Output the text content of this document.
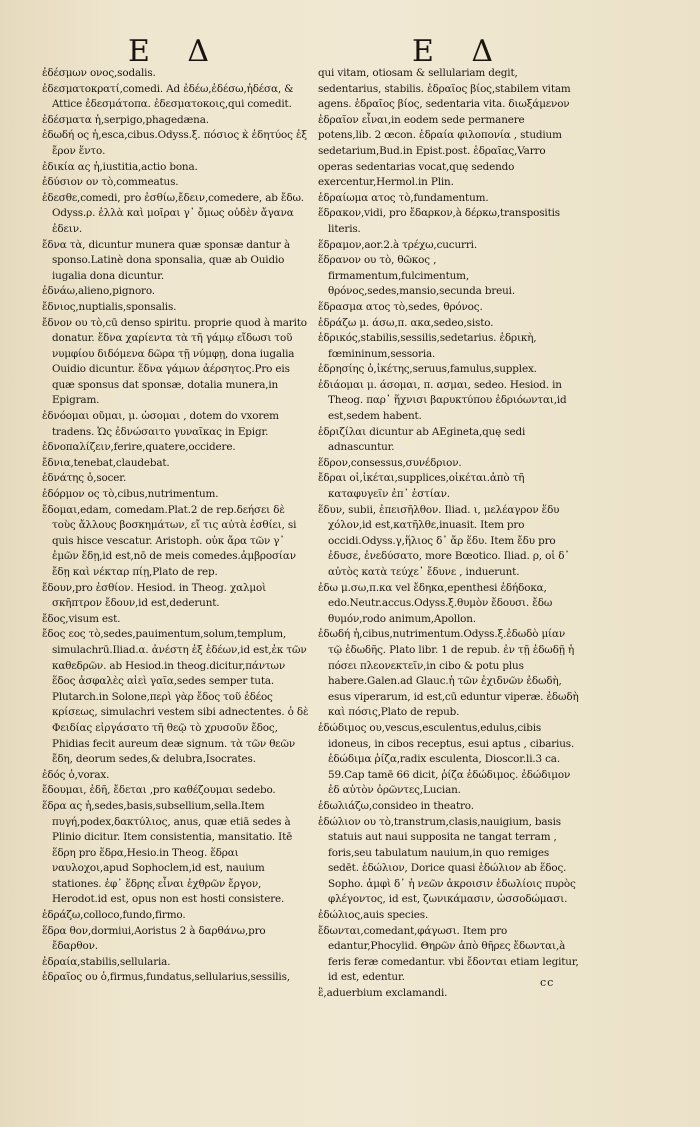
Ε Δ	Ε Δ

ἐδέσμων ονος,sodalis.

ἐδεσματοκρατί,comedi. Ad ἐδέω,ἐδέσω,ἠδέσα, & Attice ἐδεσμάτοπα. ἐδεσματοκοις,qui comedit.

ἐδέσματα ἡ,serpigo,phagedæna.

ἐδωδή ος ἡ,esca,cibus.Odyss.ξ. πόσιος κ̀ ἐδητύος ἐξ ἔρον ἕντο.

ἐδικία ας ἡ,iustitia,actio bona.

ἐδύσιον ον τὸ,commeatus.

ἐδεσθε,comedi, pro ἐσθίω,ἔδειν,comedere, ab ἔδω. Odyss.ρ. ἐλλὰ καὶ μοῖραι γ᾽ ὄμως οὐδὲν ἄγανα ἐδειν.

ἔδνα τὰ, dicuntur munera quæ sponsæ dantur à sponso.Latinè dona sponsalia, quæ ab Ouidio iugalia dona dicuntur.

ἐδνάω,alieno,pignoro.

ἔδνιος,nuptialis,sponsalis.

ἔδνον ου τὸ,cū denso spiritu. proprie quod à marito donatur. ἕδνα χαρίεντα τὰ τῆ γάμῳ εἴδωσι τοῦ νυμφίου διδόμενα δῶρα τῇ νύμφῃ, dona iugalia Ouidio dicuntur. ἕδνα γάμων ἀέρσητος.Pro eis quæ sponsus dat sponsæ, dotalia munera,in Epigram.

ἐδνόομαι οῦμαι, μ. ὡσομαι , dotem do vxorem tradens. Ὡς ἐδνώσαιτο γυναῖκας in Epigr.

ἐδνοπαλίζειν,ferire,quatere,occidere.

ἔδνια,tenebat,claudebat.

ἐδνάτης ὁ,socer.

ἐδόρμον ος τὸ,cibus,nutrimentum.

ἔδομαι,edam, comedam.Plat.2 de rep.δεήσει δὲ τοὺς ἄλλους βοσκημάτων, εἴ τις αὐτὰ ἐσθίει, si quis hisce vescatur. Aristoph. οὐκ ἄρα τῶν γ᾽ ἐμῶν ἔδῃ,id est,nō de meis comedes.ἀμβροσίαν ἔδῃ καὶ νέκταρ πίῃ,Plato de rep.

ἔδουν,pro ἐσθίον. Hesiod. in Theog. χαλμοὶ σκῆπτρον ἔδουν,id est,dederunt.

ἔδος,visum est.

ἔδος εος τὸ,sedes,pauimentum,solum,templum, simulachrū.Iliad.α. ἀνέστη ἐξ ἐδέων,id est,ἐκ τῶν καθεδρῶν. ab Hesiod.in theog.dicitur,πάντων ἕδος ἀσφαλὲς αἰεὶ γαῖα,sedes semper tuta. Plutarch.in Solone,περὶ γὰρ ἔδος τοῦ ἐδέος κρίσεως, simulachri vestem sibi adnectentes. ὁ δὲ Φειδίας εἰργάσατο τῆ θεῷ τὸ χρυσοῦν ἔδος, Phidias fecit aureum deæ signum. τὰ τῶν θεῶν ἔδη, deorum sedes,& delubra,Isocrates.

ἐδός ὁ,vorax.

ἔδουμαι, ἐδῆ, ἔδεται ,pro καθέζουμαι sedebo.

ἕδρα ας ἡ,sedes,basis,subsellium,sella.Item πυγή,podex,δακτύλιος, anus, quæ etiā sedes à Plinio dicitur. Item consistentia, mansitatio. Itē ἕδρη pro ἕδρα,Hesio.in Theog. ἕδραι ναυλοχοι,apud Sophoclem,id est, nauium stationes. ἐφ᾽ ἕδρης εἶναι ἐχθρῶν ἔργον, Herodot.id est, opus non est hosti consistere.

ἑδράζω,colloco,fundo,firmo.

ἕδρα θον,dormiui,Aoristus 2 à δαρθάνω,pro ἔδαρθον.

ἑδραία,stabilis,sellularia.

ἑδραῖος ου ὁ,firmus,fundatus,sellularius,sessilis,

qui vitam, otiosam & sellulariam degit, sedentarius, stabilis. ἑδραῖος βίος,stabilem vitam agens. ἑδραῖος βίος, sedentaria vita. διωξάμενον ἑδραῖον εἶναι,in eodem sede permanere potens,lib. 2 œcon. ἑδραία φιλοπονία , studium sedetarium,Bud.in Epist.post. ἑδραῖας,Varro operas sedentarias vocat,quę sedendo exercentur,Hermol.in Plin.

ἑδραίωμα ατος τὸ,fundamentum.

ἕδρακον,vidi, pro ἔδαρκον,à δέρκω,transpositis literis.

ἕδραμον,aor.2.à τρέχω,cucurri.

ἕδρανον ου τὸ, θῶκος , firmamentum,fulcimentum, θρόνος,sedes,mansio,secunda breui.

ἕδρασμα ατος τὸ,sedes, θρόνος.

ἑδράζω μ. άσω,π. ακα,sedeo,sisto.

ἑδρικός,stabilis,sessilis,sedetarius. ἑδρικὴ, fœmininum,sessoria.

ἐδρησίης ὁ,ἱκέτης,seruus,famulus,supplex.

ἐδιάομαι μ. άσομαι, π. ασμαι, sedeo. Hesiod. in Theog. παρ᾽ ἥχνισι βαρυκτύπου ἐδριόωνται,id est,sedem habent.

ἐδριζίλαι dicuntur ab AEgineta,quę sedi adnascuntur.

ἕδρον,consessus,συνέδριον.

ἔδραι οἱ,ἱκέται,supplices,οἰκέται.ἀπὸ τῆ καταφυγεῖν ἐπ᾽ ἑστίαν.

ἕδυν, subii, ἐπεισῆλθον. Iliad. ι, μελέαγρον ἕδυ χόλον,id est,κατῆλθε,inuasit. Item pro occidi.Odyss.γ,ἥλιος δ᾽ ἄρ ἕδυ. Item ἔδυ pro ἐδυσε, ἐνεδύσατο, more Bœotico. Iliad. ρ, οἱ δ᾽ αὐτὸς κατὰ τεύχε᾽ ἔδυνε , induerunt.

ἐδω μ.σω,π.κα vel ἔδηκα,epenthesi ἐδήδοκα, edo.Neutr.accus.Odyss.ξ.θυμὸν ἔδουσι. ἔδω θυμόν,rodo animum,Apollon.

ἐδωδή ἡ,cibus,nutrimentum.Odyss.ξ.ἐδωδὸ μίαν τῷ ἐδωδῆς. Plato libr. 1 de repub. ἐν τῇ ἐδωδῇ ἡ πόσει πλεονεκτεῖν,in cibo & potu plus habere.Galen.ad Glauc.ἡ τῶν ἐχιδνῶν ἐδωδὴ, esus viperarum, id est,cū eduntur viperæ. ἐδωδὴ καὶ πόσις,Plato de repub.

ἐδώδιμος ου,vescus,esculentus,edulus,cibis idoneus, in cibos receptus, esui aptus , cibarius. ἐδώδιμα ῥίζα,radix esculenta, Dioscor.li.3 ca. 59.Cap tamē 66 dicit, ῥίζα ἐδώδιμος. ἐδώδιμον ἐδ αὐτὸν ὀρῶντες,Lucian.

ἑδωλιάζω,consideo in theatro.

ἑδώλιον ου τὸ,transtrum,clasis,nauigium, basis statuis aut naui supposita ne tangat terram , foris,seu tabulatum nauium,in quo remiges sedēt. ἑδώλιον, Dorice quasi ἑδώλιον ab ἕδος. Sopho. ἀμφὶ δ᾽ ἡ νεῶν ἀκροισιν ἑδωλίοις πυρὸς φλέγοντος, id est, ζωνικάμασιν, ὠσσοδώμασι.

ἐδώλιος,auis species.

ἔδωνται,comedant,φάγωσι. Item pro edantur,Phocylid. Θηρῶν ἀπὸ θῆρες ἔδωνται,à feris feræ comedantur. vbi ἔδονται etiam legitur, id est, edentur.

ἒ,aduerbium exclamandi.

cc
